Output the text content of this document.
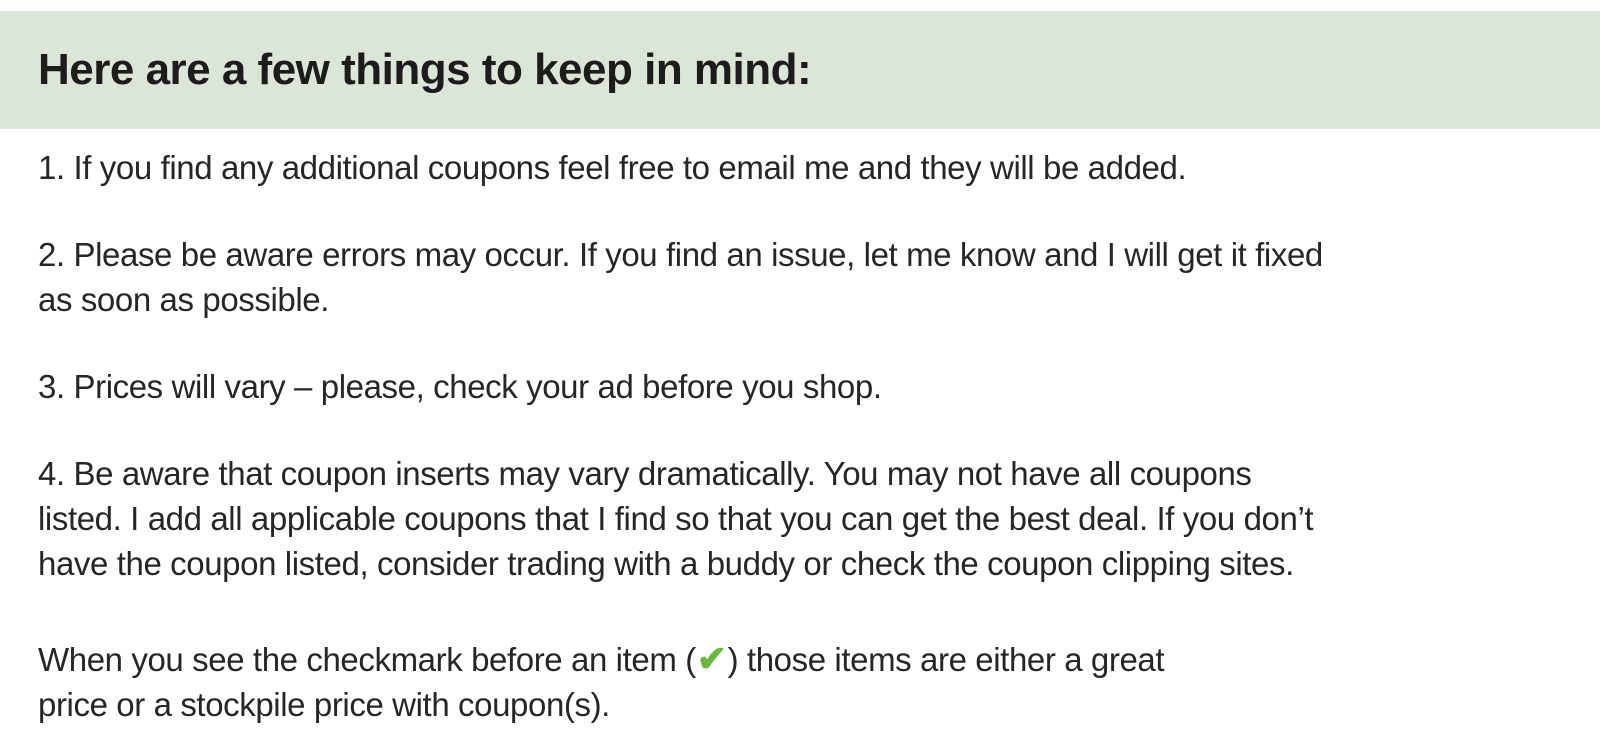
Here are a few things to keep in mind:

1. If you find any additional coupons feel free to email me and they will be added.

2. Please be aware errors may occur. If you find an issue, let me know and I will get it fixed
as soon as possible.

3. Prices will vary – please, check your ad before you shop.

4. Be aware that coupon inserts may vary dramatically. You may not have all coupons
listed. I add all applicable coupons that I find so that you can get the best deal. If you don’t
have the coupon listed, consider trading with a buddy or check the coupon clipping sites.

When you see the checkmark before an item (✔) those items are either a great
price or a stockpile price with coupon(s).
